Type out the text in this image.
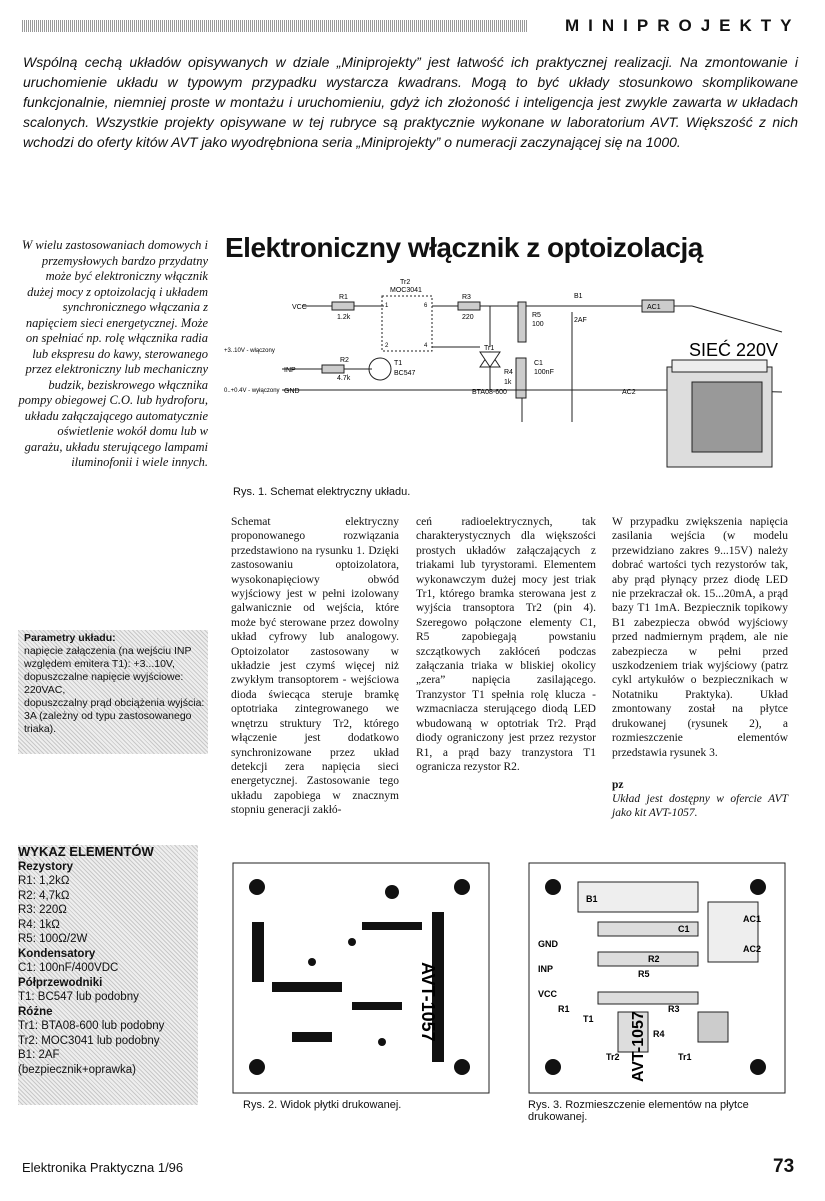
MINIPROJEKTY
Wspólną cechą układów opisywanych w dziale „Miniprojekty” jest łatwość ich praktycznej realizacji. Na zmontowanie i uruchomienie układu w typowym przypadku wystarcza kwadrans. Mogą to być układy stosunkowo skomplikowane funkcjonalnie, niemniej proste w montażu i uruchomieniu, gdyż ich złożoność i inteligencja jest zwykle zawarta w układach scalonych. Wszystkie projekty opisywane w tej rubryce są praktycznie wykonane w laboratorium AVT. Większość z nich wchodzi do oferty kitów AVT jako wyodrębniona seria „Miniprojekty” o numeracji zaczynającej się na 1000.
W wielu zastosowaniach domowych i przemysłowych bardzo przydatny może być elektroniczny włącznik dużej mocy z optoizolacją i układem synchronicznego włączania z napięciem sieci energetycznej. Może on spełniać np. rolę włącznika radia lub ekspresu do kawy, sterowanego przez elektroniczny lub mechaniczny budzik, beziskrowego włącznika pompy obiegowej C.O. lub hydroforu, układu załączającego automatycznie oświetlenie wokół domu lub w garażu, układu sterującego lampami iluminofonii i wiele innych.
Elektroniczny włącznik z optoizolacją
VCC
INP
GND
R1
1.2k
R2
4.7k
T1
BC547
Tr2
MOC3041
R3
220
R4
1k
R5
100
C1
100nF
Tr1
BTA08-600
B1
2AF
AC1
AC2
+3..10V - włączony
0..+0.4V - wyłączony
1
2	4
6
SIEĆ 220V
Rys. 1. Schemat elektryczny układu.
Parametry układu:
napięcie załączenia (na wejściu INP względem emitera T1): +3...10V,
dopuszczalne napięcie wyjściowe: 220VAC,
dopuszczalny prąd obciążenia wyjścia: 3A (zależny od typu zastosowanego triaka).
Schemat elektryczny proponowanego rozwiązania przedstawiono na rysunku 1. Dzięki zastosowaniu optoizolatora, wysokonapięciowy obwód wyjściowy jest w pełni izolowany galwanicznie od wejścia, które może być sterowane przez dowolny układ cyfrowy lub analogowy. Optoizolator zastosowany w układzie jest czymś więcej niż zwykłym transoptorem - wejściowa dioda świecąca steruje bramkę optotriaka zintegrowanego we wnętrzu struktury Tr2, którego włączenie jest dodatkowo synchronizowane przez układ detekcji zera napięcia sieci energetycznej. Zastosowanie tego układu zapobiega w znacznym stopniu generacji zakłó-
ceń radioelektrycznych, tak charakterystycznych dla większości prostych układów załączających z triakami lub tyrystorami. Elementem wykonawczym dużej mocy jest triak Tr1, którego bramka sterowana jest z wyjścia transoptora Tr2 (pin 4). Szeregowo połączone elementy C1, R5 zapobiegają powstaniu szczątkowych zakłóceń podczas załączania triaka w bliskiej okolicy „zera” napięcia zasilającego. Tranzystor T1 spełnia rolę klucza - wzmacniacza sterującego diodą LED wbudowaną w optotriak Tr2. Prąd diody ograniczony jest przez rezystor R1, a prąd bazy tranzystora T1 ogranicza rezystor R2.
W przypadku zwiększenia napięcia zasilania wejścia (w modelu przewidziano zakres 9...15V) należy dobrać wartości tych rezystorów tak, aby prąd płynący przez diodę LED nie przekraczał ok. 15...20mA, a prąd bazy T1 1mA. Bezpiecznik topikowy B1 zabezpiecza obwód wyjściowy przed nadmiernym prądem, ale nie zabezpiecza w pełni przed uszkodzeniem triak wyjściowy (patrz cykl artykułów o bezpiecznikach w Notatniku Praktyka). Układ zmontowany został na płytce drukowanej (rysunek 2), a rozmieszczenie elementów przedstawia rysunek 3.
pz
Układ jest dostępny w ofercie AVT jako kit AVT-1057.
WYKAZ ELEMENTÓW
Rezystory
R1: 1,2kΩ
R2: 4,7kΩ
R3: 220Ω
R4: 1kΩ
R5: 100Ω/2W
Kondensatory
C1: 100nF/400VDC
Półprzewodniki
T1: BC547 lub podobny
Różne
Tr1: BTA08-600 lub podobny
Tr2: MOC3041 lub podobny
B1: 2AF
(bezpiecznik+oprawka)
AVT-1057
Rys. 2. Widok płytki drukowanej.
B1
C1
R5
R2
R3
R1
T1
Tr2
R4
Tr1
GND
INP
VCC
AC1
AC2
AVT-1057
Rys. 3. Rozmieszczenie elementów na płytce drukowanej.
Elektronika Praktyczna 1/96	73
